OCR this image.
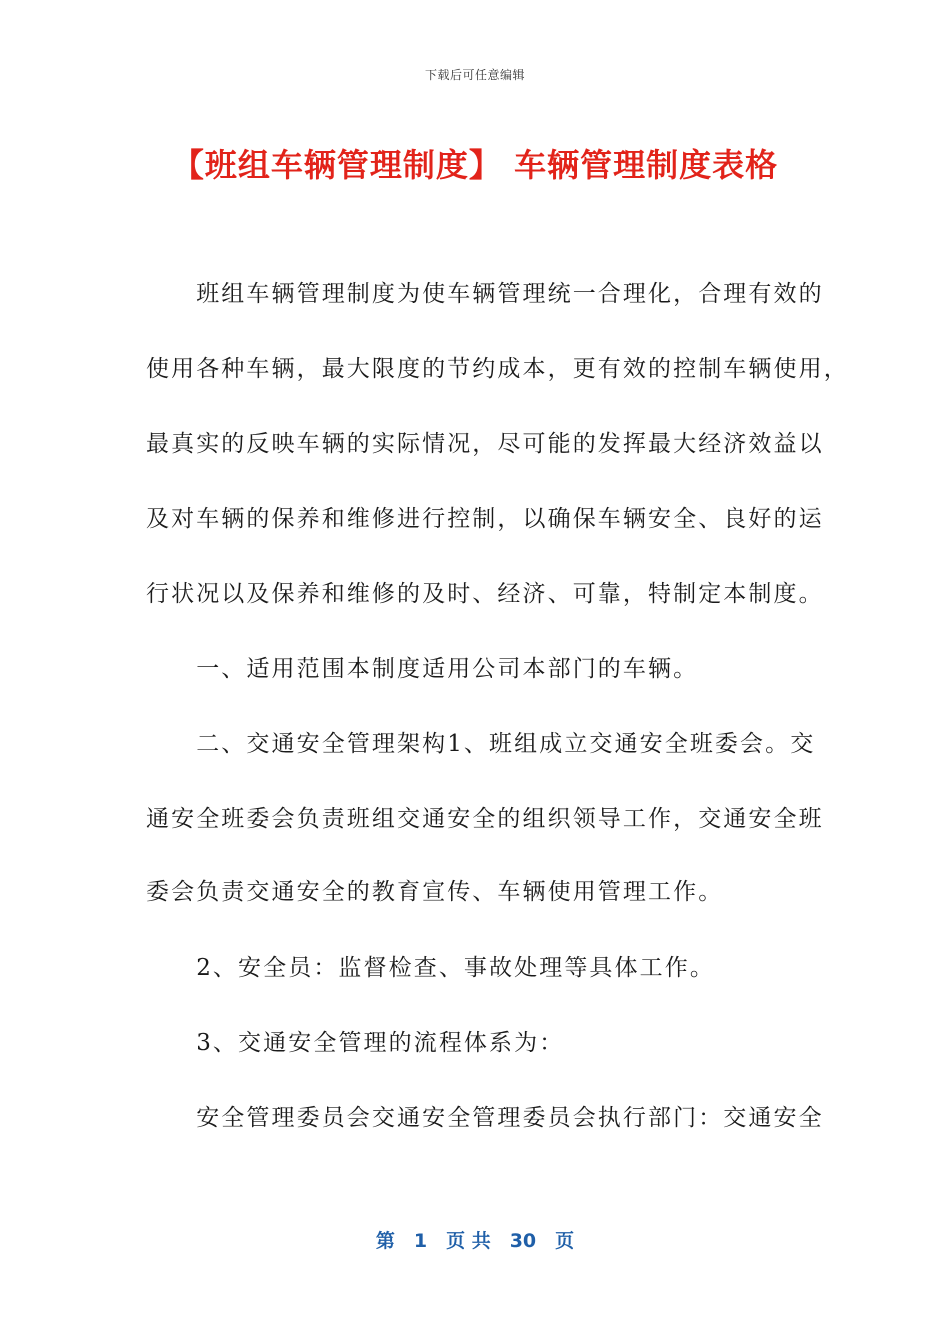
下载后可任意编辑
【班组车辆管理制度】 车辆管理制度表格
　　班组车辆管理制度为使车辆管理统一合理化，合理有效的
使用各种车辆，最大限度的节约成本，更有效的控制车辆使用，
最真实的反映车辆的实际情况，尽可能的发挥最大经济效益以
及对车辆的保养和维修进行控制，以确保车辆安全、良好的运
行状况以及保养和维修的及时、经济、可靠，特制定本制度。
　　一、适用范围本制度适用公司本部门的车辆。
　　二、交通安全管理架构1、班组成立交通安全班委会。交
通安全班委会负责班组交通安全的组织领导工作，交通安全班
委会负责交通安全的教育宣传、车辆使用管理工作。
　　2、安全员：监督检查、事故处理等具体工作。
　　3、交通安全管理的流程体系为：
　　安全管理委员会交通安全管理委员会执行部门：交通安全
第　1　页 共　30　页
